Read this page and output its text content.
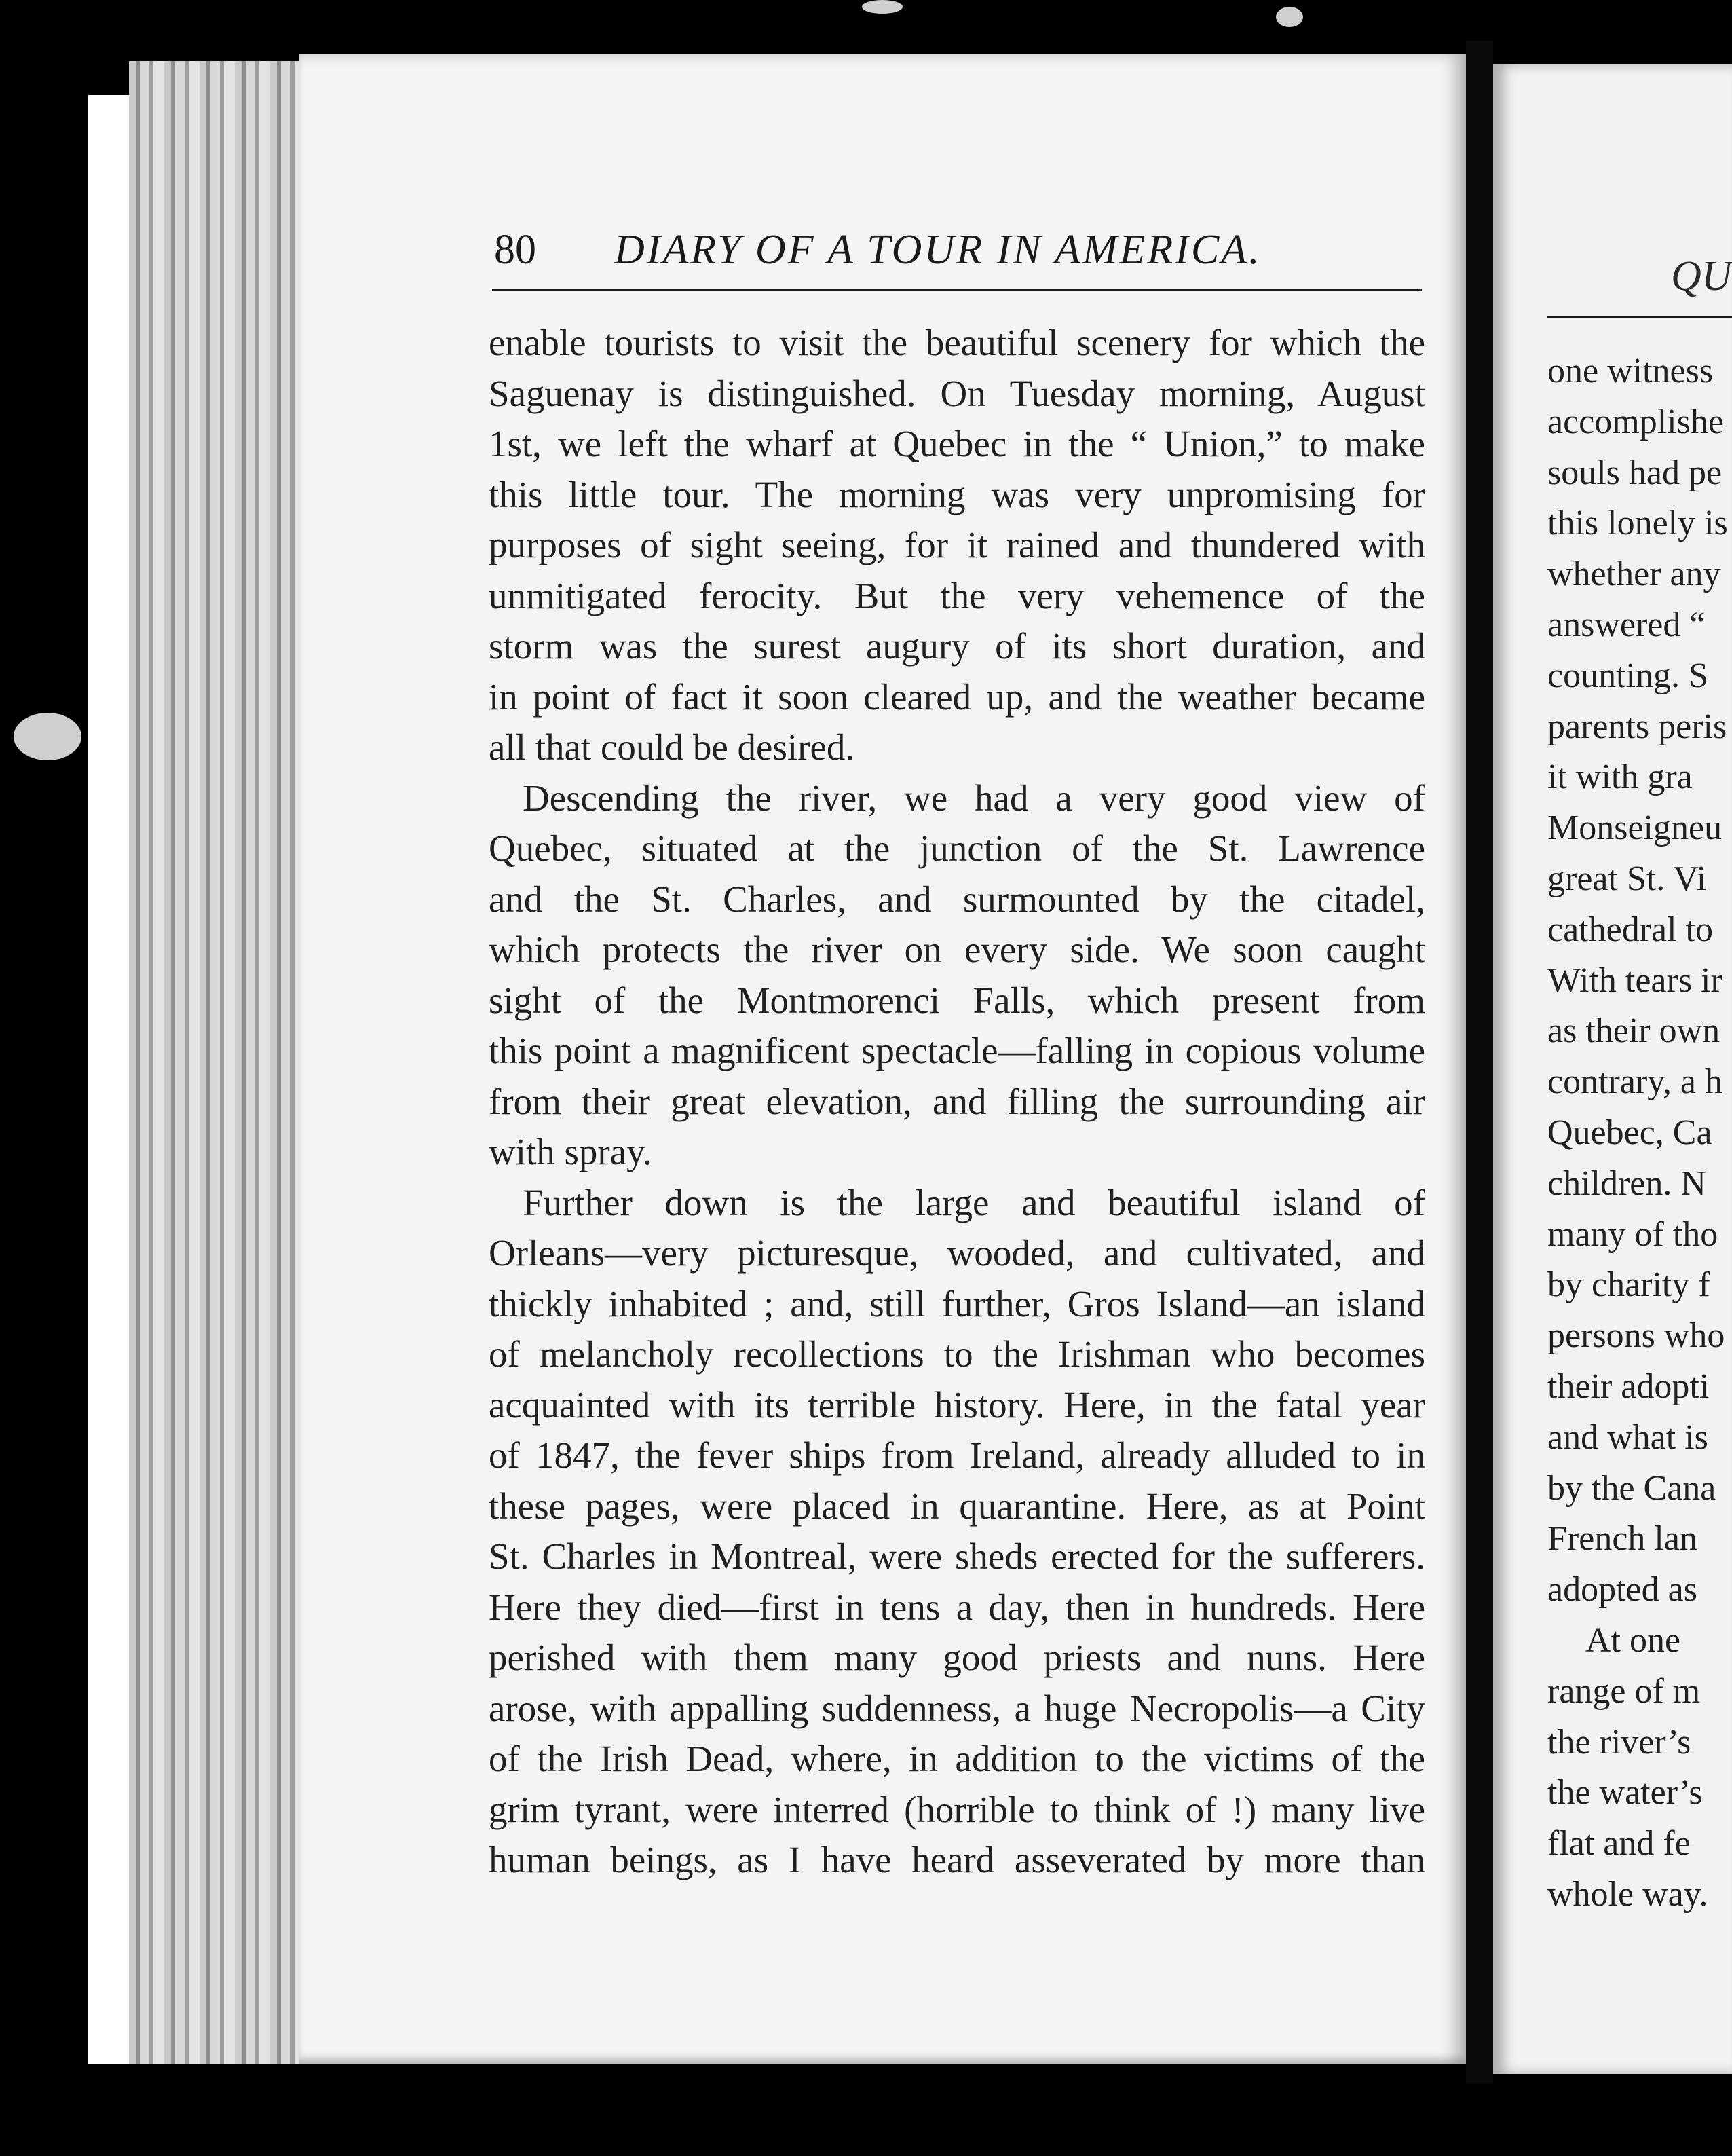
80 DIARY OF A TOUR IN AMERICA.
enable tourists to visit the beautiful scenery for which the
Saguenay is distinguished. On Tuesday morning, August
1st, we left the wharf at Quebec in the “ Union,” to make
this little tour. The morning was very unpromising for
purposes of sight seeing, for it rained and thundered with
unmitigated ferocity. But the very vehemence of the
storm was the surest augury of its short duration, and
in point of fact it soon cleared up, and the weather became
all that could be desired.
Descending the river, we had a very good view of
Quebec, situated at the junction of the St. Lawrence
and the St. Charles, and surmounted by the citadel,
which protects the river on every side. We soon caught
sight of the Montmorenci Falls, which present from
this point a magnificent spectacle—falling in copious volume
from their great elevation, and filling the surrounding air
with spray.
Further down is the large and beautiful island of
Orleans—very picturesque, wooded, and cultivated, and
thickly inhabited ; and, still further, Gros Island—an island
of melancholy recollections to the Irishman who becomes
acquainted with its terrible history. Here, in the fatal year
of 1847, the fever ships from Ireland, already alluded to in
these pages, were placed in quarantine. Here, as at Point
St. Charles in Montreal, were sheds erected for the sufferers.
Here they died—first in tens a day, then in hundreds. Here
perished with them many good priests and nuns. Here
arose, with appalling suddenness, a huge Necropolis—a City
of the Irish Dead, where, in addition to the victims of the
grim tyrant, were interred (horrible to think of !) many live
human beings, as I have heard asseverated by more than
QU
one witness
accomplishe
souls had pe
this lonely is
whether any
answered “
counting. S
parents peris
it with gra
Monseigneu
great St. Vi
cathedral to
With tears ir
as their own
contrary, a h
Quebec, Ca
children. N
many of tho
by charity f
persons who
their adopti
and what is
by the Cana
French lan
adopted as
At one
range of m
the river’s
the water’s
flat and fe
whole way.
